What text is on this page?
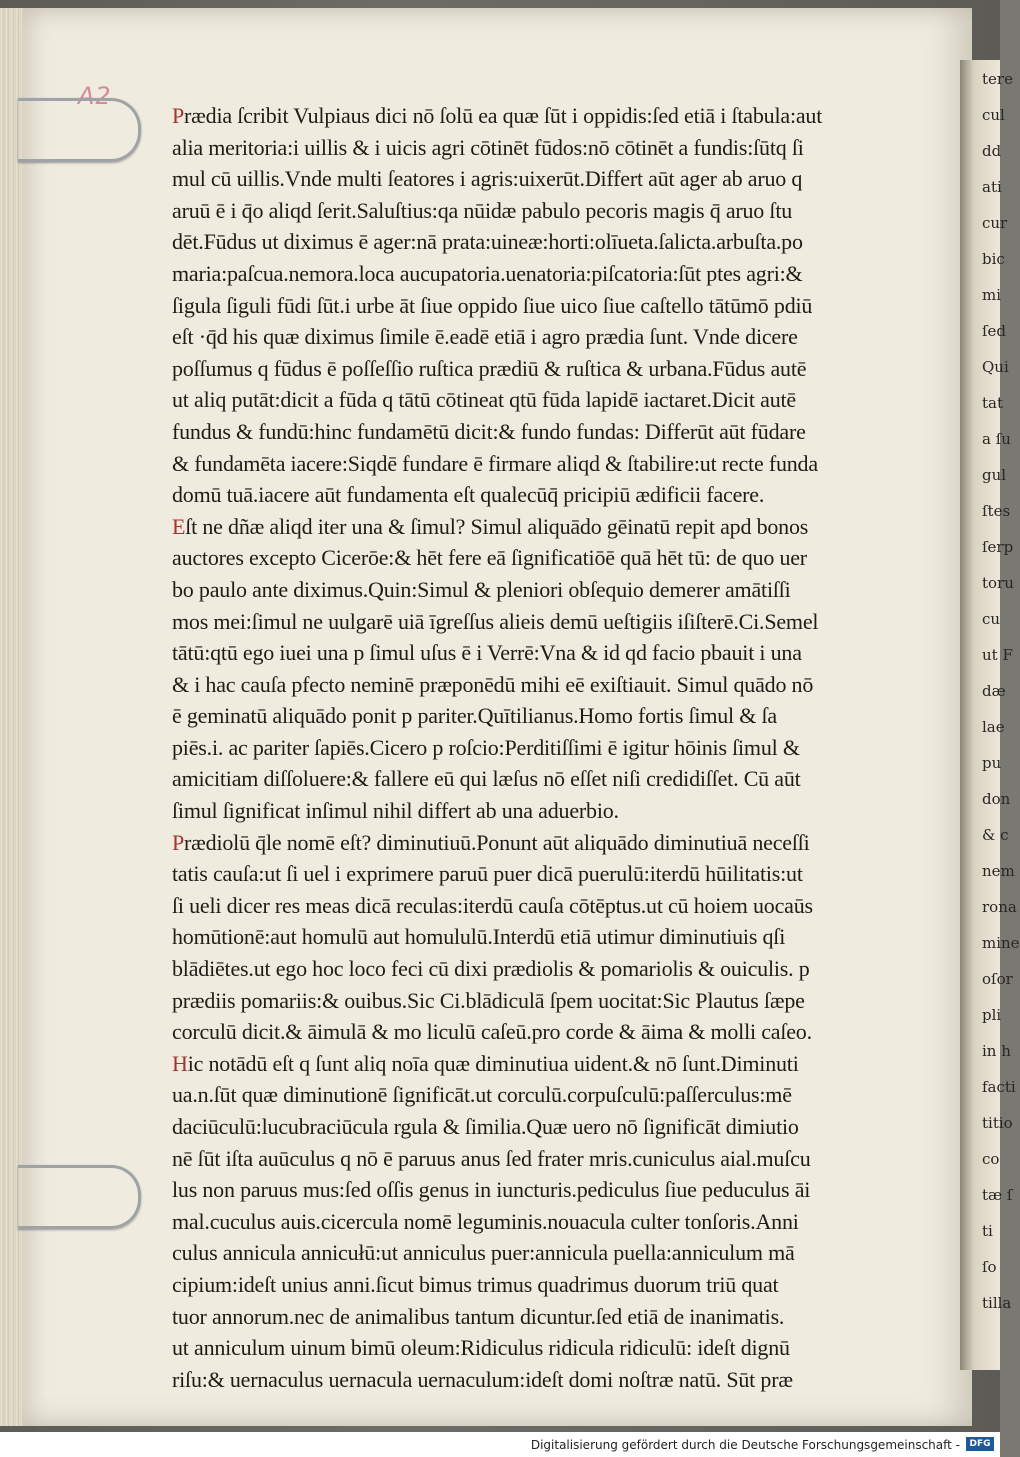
tere
cul
dd
ati
cur
bic
mi
ſed
Qui
tat
a ſu
gul
ſtes
ſerp
toru
cu
ut F
dæ
lae
pu
don
& c
nem
rona
mine
oſor
pli
in h
facti
titio
co
tæ ſ
ti
ſo
tilla
A2
Prædia ſcribit Vulpiaus dici nō ſolū ea quæ ſūt i oppidis:ſed etiā i ſtabula:aut
alia meritoria:i uillis & i uicis agri cōtinēt fūdos:nō cōtinēt a fundis:ſūtq ſi
mul cū uillis.Vnde multi ſeatores i agris:uixerūt.Differt aūt ager ab aruo q
aruū ē i q̄o aliqd ſerit.Saluſtius:qa nūidæ pabulo pecoris magis q̄ aruo ſtu
dēt.Fūdus ut diximus ē ager:nā prata:uineæ:horti:olīueta.ſalicta.arbuſta.po
maria:paſcua.nemora.loca aucupatoria.uenatoria:piſcatoria:ſūt ptes agri:&
ſigula ſiguli fūdi ſūt.i urbe āt ſiue oppido ſiue uico ſiue caſtello tātūmō pdiū
eſt ·q̄d his quæ diximus ſimile ē.eadē etiā i agro prædia ſunt. Vnde dicere
poſſumus q fūdus ē poſſeſſio ruſtica prædiū & ruſtica & urbana.Fūdus autē
ut aliq putāt:dicit a fūda q tātū cōtineat qtū fūda lapidē iactaret.Dicit autē
fundus & fundū:hinc fundamētū dicit:& fundo fundas: Differūt aūt fūdare
& fundamēta iacere:Siqdē fundare ē firmare aliqd & ſtabilire:ut recte funda
domū tuā.iacere aūt fundamenta eſt qualecūq̄ pricipiū ædificii facere.
Eſt ne dñæ aliqd iter una & ſimul? Simul aliquādo gēinatū repit apd bonos
auctores excepto Cicerōe:& hēt fere eā ſignificatiōē quā hēt tū: de quo uer
bo paulo ante diximus.Quin:Simul & pleniori obſequio demerer amātiſſi
mos mei:ſimul ne uulgarē uiā īgreſſus alieis demū ueſtigiis iſiſterē.Ci.Semel
tātū:qtū ego iuei una p ſimul uſus ē i Verrē:Vna & id qd facio pbauit i una
& i hac cauſa pfecto neminē præponēdū mihi eē exiſtiauit. Simul quādo nō
ē geminatū aliquādo ponit p pariter.Quītilianus.Homo fortis ſimul & ſa
piēs.i. ac pariter ſapiēs.Cicero p roſcio:Perditiſſimi ē igitur hōinis ſimul &
amicitiam diſſoluere:& fallere eū qui læſus nō eſſet niſi credidiſſet. Cū aūt
ſimul ſignificat inſimul nihil differt ab una aduerbio.
Prædiolū q̄le nomē eſt? diminutiuū.Ponunt aūt aliquādo diminutiuā neceſſi
tatis cauſa:ut ſi uel i exprimere paruū puer dicā puerulū:iterdū hūilitatis:ut
ſi ueli dicer res meas dicā reculas:iterdū cauſa cōtēptus.ut cū hoiem uocaūs
homūtionē:aut homulū aut homululū.Interdū etiā utimur diminutiuis qſi
blādiētes.ut ego hoc loco feci cū dixi prædiolis & pomariolis & ouiculis. p
prædiis pomariis:& ouibus.Sic Ci.blādiculā ſpem uocitat:Sic Plautus ſæpe
corculū dicit.& āimulā & mo liculū caſeū.pro corde & āima & molli caſeo.
Hic notādū eſt q ſunt aliq noīa quæ diminutiua uident.& nō ſunt.Diminuti
ua.n.ſūt quæ diminutionē ſignificāt.ut corculū.corpuſculū:paſſerculus:mē
daciūculū:lucubraciūcula rgula & ſimilia.Quæ uero nō ſignificāt dimiutio
nē ſūt iſta auūculus q nō ē paruus anus ſed frater mris.cuniculus aial.muſcu
lus non paruus mus:ſed oſſis genus in iuncturis.pediculus ſiue peduculus āi
mal.cuculus auis.cicercula nomē leguminis.nouacula culter tonſoris.Anni
culus annicula annicułū:ut anniculus puer:annicula puella:anniculum mā
cipium:ideſt unius anni.ſicut bimus trimus quadrimus duorum triū quat
tuor annorum.nec de animalibus tantum dicuntur.ſed etiā de inanimatis.
ut anniculum uinum bimū oleum:Ridiculus ridicula ridiculū: ideſt dignū
riſu:& uernaculus uernacula uernaculum:ideſt domi noſtræ natū. Sūt præ
Digitalisierung gefördert durch die Deutsche Forschungsgemeinschaft -	DFG
